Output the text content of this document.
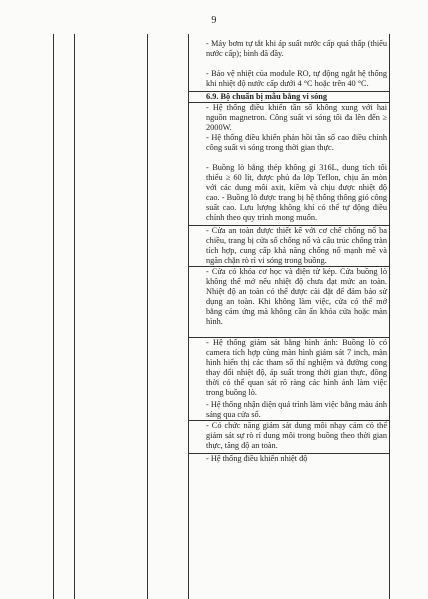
9
- Máy bơm tự tắt khi áp suất nước cấp quá thấp (thiếu nước cấp); bình đã đầy.
- Bảo vệ nhiệt của module RO, tự động ngắt hệ thống khi nhiệt độ nước cấp dưới 4 °C hoặc trên 40 °C.
6.9. Bộ chuẩn bị mẫu bằng vi sóng
- Hệ thống điều khiển tần số không xung với hai nguồn magnetron. Công suất vi sóng tối đa lên đến ≥ 2000W.
- Hệ thống điều khiển phản hồi tần số cao điều chỉnh công suất vi sóng trong thời gian thực.
- Buồng lò bằng thép không gỉ 316L, dung tích tối thiểu ≥ 60 lít, được phủ đa lớp Teflon, chịu ăn mòn với các dung môi axit, kiềm và chịu được nhiệt độ cao. - Buồng lò được trang bị hệ thống thông gió công suất cao. Lưu lượng không khí có thể tự động điều chỉnh theo quy trình mong muốn.
- Cửa an toàn được thiết kế với cơ chế chống nổ ba chiều, trang bị cửa số chống nổ và cấu trúc chống tràn tích hợp, cung cấp khả năng chống nổ mạnh mẽ và ngăn chặn rò rỉ vi sóng trong buồng.
- Cửa có khóa cơ học và điện tử kép. Cửa buồng lò không thể mở nếu nhiệt độ chưa đạt mức an toàn. Nhiệt độ an toàn có thể được cài đặt để đảm bảo sử dụng an toàn. Khi không làm việc, cửa có thể mở bằng cảm ứng mà không cần ấn khóa cửa hoặc màn hình.
- Hệ thống giám sát bằng hình ảnh: Buồng lò có camera tích hợp cùng màn hình giám sát 7 inch, màn hình hiển thị các tham số thí nghiệm và đường cong thay đổi nhiệt độ, áp suất trong thời gian thực, đồng thời có thể quan sát rõ ràng các hình ảnh làm việc trong buồng lò.
- Hệ thống nhận diện quá trình làm việc bằng màu ánh sáng qua cửa sổ.
- Có chức năng giám sát dung môi nhạy cảm có thể giám sát sự rò rỉ dung môi trong buồng theo thời gian thực, tăng độ an toàn.
- Hệ thống điều khiển nhiệt độ
